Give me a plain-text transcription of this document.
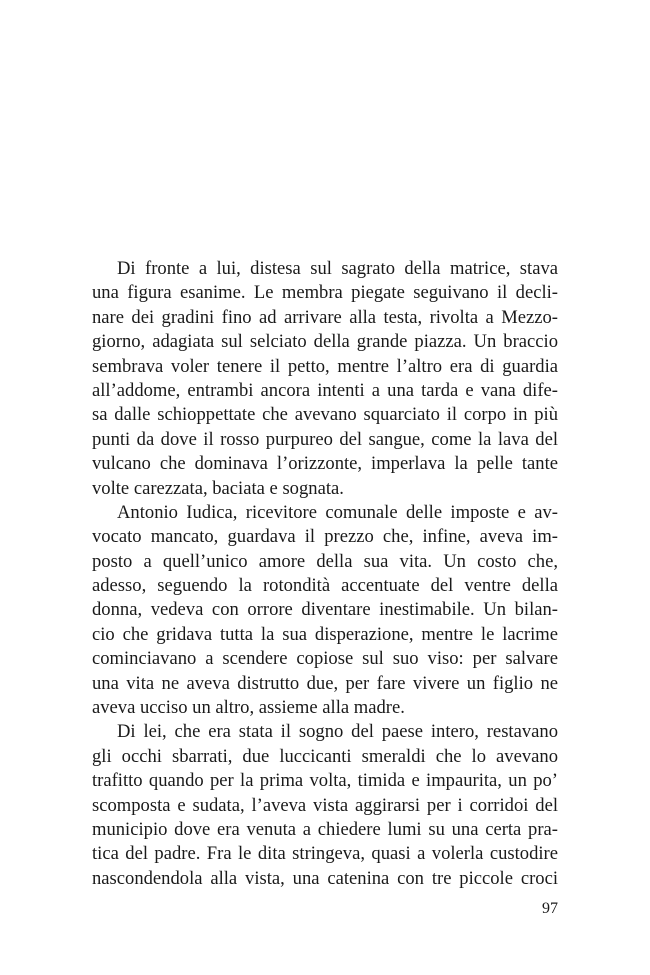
Di fronte a lui, distesa sul sagrato della matrice, stava
una figura esanime. Le membra piegate seguivano il decli-
nare dei gradini fino ad arrivare alla testa, rivolta a Mezzo-
giorno, adagiata sul selciato della grande piazza. Un braccio
sembrava voler tenere il petto, mentre l’altro era di guardia
all’addome, entrambi ancora intenti a una tarda e vana dife-
sa dalle schioppettate che avevano squarciato il corpo in più
punti da dove il rosso purpureo del sangue, come la lava del
vulcano che dominava l’orizzonte, imperlava la pelle tante
volte carezzata, baciata e sognata.

Antonio Iudica, ricevitore comunale delle imposte e av-
vocato mancato, guardava il prezzo che, infine, aveva im-
posto a quell’unico amore della sua vita. Un costo che,
adesso, seguendo la rotondità accentuate del ventre della
donna, vedeva con orrore diventare inestimabile. Un bilan-
cio che gridava tutta la sua disperazione, mentre le lacrime
cominciavano a scendere copiose sul suo viso: per salvare
una vita ne aveva distrutto due, per fare vivere un figlio ne
aveva ucciso un altro, assieme alla madre.

Di lei, che era stata il sogno del paese intero, restavano
gli occhi sbarrati, due luccicanti smeraldi che lo avevano
trafitto quando per la prima volta, timida e impaurita, un po’
scomposta e sudata, l’aveva vista aggirarsi per i corridoi del
municipio dove era venuta a chiedere lumi su una certa pra-
tica del padre. Fra le dita stringeva, quasi a volerla custodire
nascondendola alla vista, una catenina con tre piccole croci

97
